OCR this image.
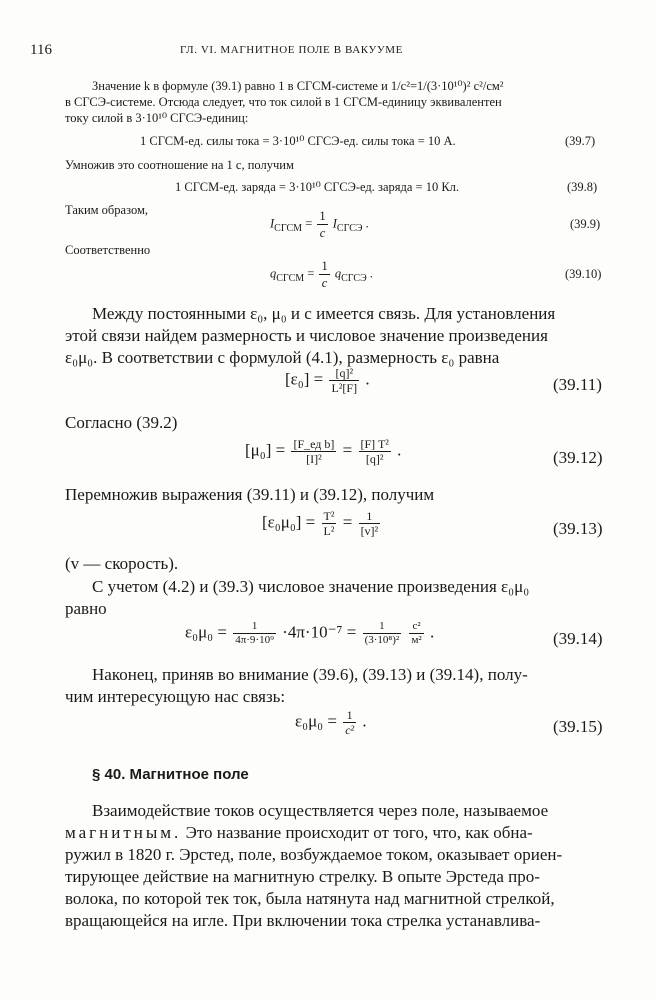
116	ГЛ. VI. МАГНИТНОЕ ПОЛЕ В ВАКУУМЕ
Значение k в формуле (39.1) равно 1 в СГСМ-системе и 1/c²=1/(3·10¹⁰)² c²/см²
в СГСЭ-системе. Отсюда следует, что ток силой в 1 СГСМ-единицу эквивалентен
току силой в 3·10¹⁰ СГСЭ-единиц:
1 СГСМ-ед. силы тока = 3·10¹⁰ СГСЭ-ед. силы тока = 10 А.	(39.7)
Умножив это соотношение на 1 с, получим
1 СГСМ-ед. заряда = 3·10¹⁰ СГСЭ-ед. заряда = 10 Кл.	(39.8)
Таким образом,
$I_{СГСМ} = \frac{1}{c} I_{СГСЭ}$ .	(39.9)
Соответственно
$q_{СГСМ} = \frac{1}{c} q_{СГСЭ}$ .	(39.10)
Между постоянными ε₀, μ₀ и c имеется связь. Для установления
этой связи найдем размерность и числовое значение произведения
ε₀μ₀. В соответствии с формулой (4.1), размерность ε₀ равна
$[\varepsilon_0] = \frac{\text{[q]²}}{\text{L²[F]}}$ .	(39.11)
Согласно (39.2)
$[\mu_0] = \frac{\text{[F\_ед b]}}{\text{[I]²}} = \frac{\text{[F] T²}}{\text{[q]²}}$ .	(39.12)
Перемножив выражения (39.11) и (39.12), получим
$[\varepsilon_0\mu_0] = \frac{\text{T²}}{\text{L²}} = \frac{1}{\text{[v]²}}$	(39.13)
(v — скорость).
С учетом (4.2) и (39.3) числовое значение произведения ε₀μ₀
равно
$\varepsilon_0\mu_0 = \frac{1}{\text{4π·9·10⁹}} \cdot 4\pi\cdot 10^{-7} = \frac{1}{\text{(3·10⁸)²}}$
$\frac{\text{c²}}{\text{м²}}$ .	(39.14)
Наконец, приняв во внимание (39.6), (39.13) и (39.14), полу-
чим интересующую нас связь:
$\varepsilon_0\mu_0 = \frac{1}{\text{c²}}$ .	(39.15)
§ 40. Магнитное поле
Взаимодействие токов осуществляется через поле, называемое
магнитным. Это название происходит от того, что, как обна-
ружил в 1820 г. Эрстед, поле, возбуждаемое током, оказывает ориен-
тирующее действие на магнитную стрелку. В опыте Эрстеда про-
волока, по которой тек ток, была натянута над магнитной стрелкой,
вращающейся на игле. При включении тока стрелка устанавлива-
